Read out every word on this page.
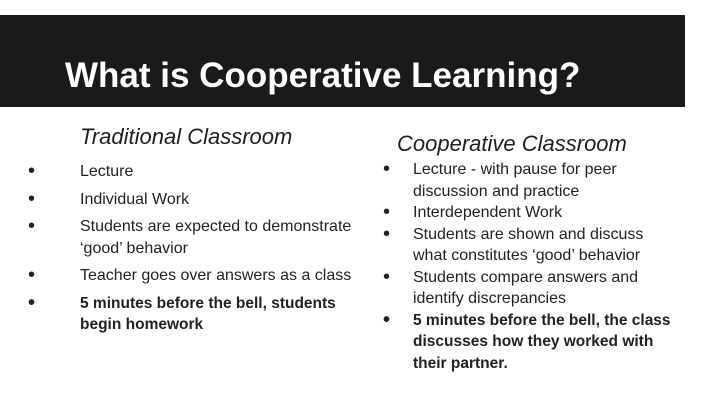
What is Cooperative Learning?
Traditional Classroom	Cooperative Classroom
•	Lecture
•	Individual Work
•	Students are expected to demonstrate ‘good’ behavior
•	Teacher goes over answers as a class
•	5 minutes before the bell, students begin homework
• Lecture - with pause for peer discussion and practice
• Interdependent Work
• Students are shown and discuss what constitutes ‘good’ behavior
• Students compare answers and identify discrepancies
• 5 minutes before the bell, the class discusses how they worked with their partner.
